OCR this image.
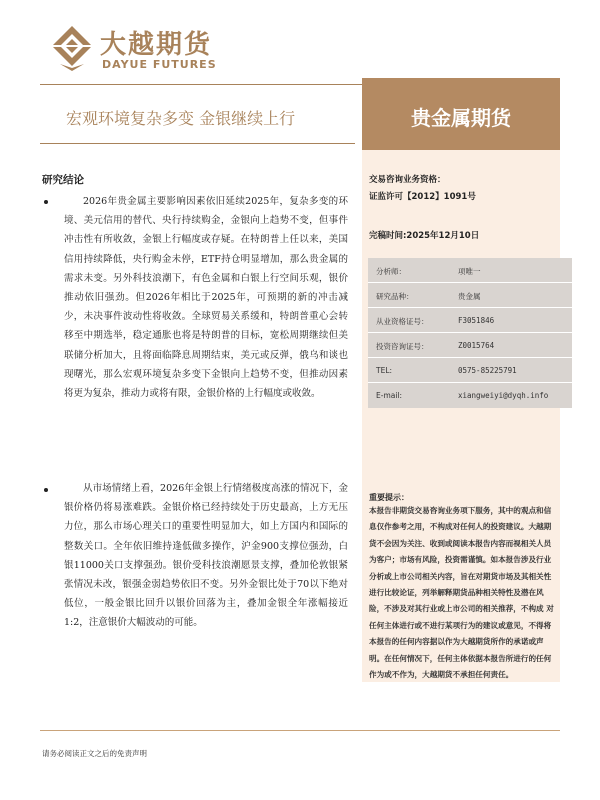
大越期货
DAYUE FUTURES
宏观环境复杂多变 金银继续上行	贵金属期货
研究结论

2026年贵金属主要影响因素依旧延续2025年，复杂多变的环境、美元信用的替代、央行持续购金，金银向上趋势不变，但事件冲击性有所收敛，金银上行幅度或存疑。在特朗普上任以来，美国信用持续降低，央行购金未停，ETF持仓明显增加，那么贵金属的需求未变。另外科技浪潮下，有色金属和白银上行空间乐观，银价推动依旧强劲。但2026年相比于2025年，可预期的新的冲击减少，未决事件波动性将收敛。全球贸易关系缓和，特朗普重心会转移至中期选举，稳定通胀也将是特朗普的目标，宽松周期继续但美联储分析加大，且将面临降息周期结束，美元或反弹，俄乌和谈也现曙光，那么宏观环境复杂多变下金银向上趋势不变，但推动因素将更为复杂，推动力或将有限，金银价格的上行幅度或收敛。

从市场情绪上看，2026年金银上行情绪极度高涨的情况下，金银价格仍将易涨难跌。金银价格已经持续处于历史最高，上方无压力位，那么市场心理关口的重要性明显加大，如上方国内和国际的整数关口。全年依旧维持逢低做多操作，沪金900支撑位强劲，白银11000关口支撑强劲。银价受科技浪潮愿景支撑，叠加伦敦银紧张情况未改，银强金弱趋势依旧不变。另外金银比处于70以下绝对低位，一般金银比回升以银价回落为主，叠加金银全年涨幅接近1:2，注意银价大幅波动的可能。

交易咨询业务资格：
证监许可【2012】1091号
完稿时间:2025年12月10日
分析师：	项唯一
研究品种：	贵金属
从业资格证号：	F3051846
投资咨询证号：	Z0015764
TEL:	0575-85225791
E-mail:	xiangweiyi@dyqh.info
重要提示：

本报告非期货交易咨询业务项下服务，其中的观点和信息仅作参考之用，不构成对任何人的投资建议。大越期货不会因为关注、收到或阅读本报告内容而视相关人员为客户；市场有风险，投资需谨慎。如本报告涉及行业分析或上市公司相关内容，旨在对期货市场及其相关性进行比较论证，列举解释期货品种相关特性及潜在风险，不涉及对其行业或上市公司的相关推荐，不构成 对任何主体进行或不进行某项行为的建议或意见，不得将本报告的任何内容据以作为大越期货所作的承诺或声明。在任何情况下，任何主体依据本报告所进行的任何作为或不作为，大越期货不承担任何责任。

请务必阅读正文之后的免责声明
